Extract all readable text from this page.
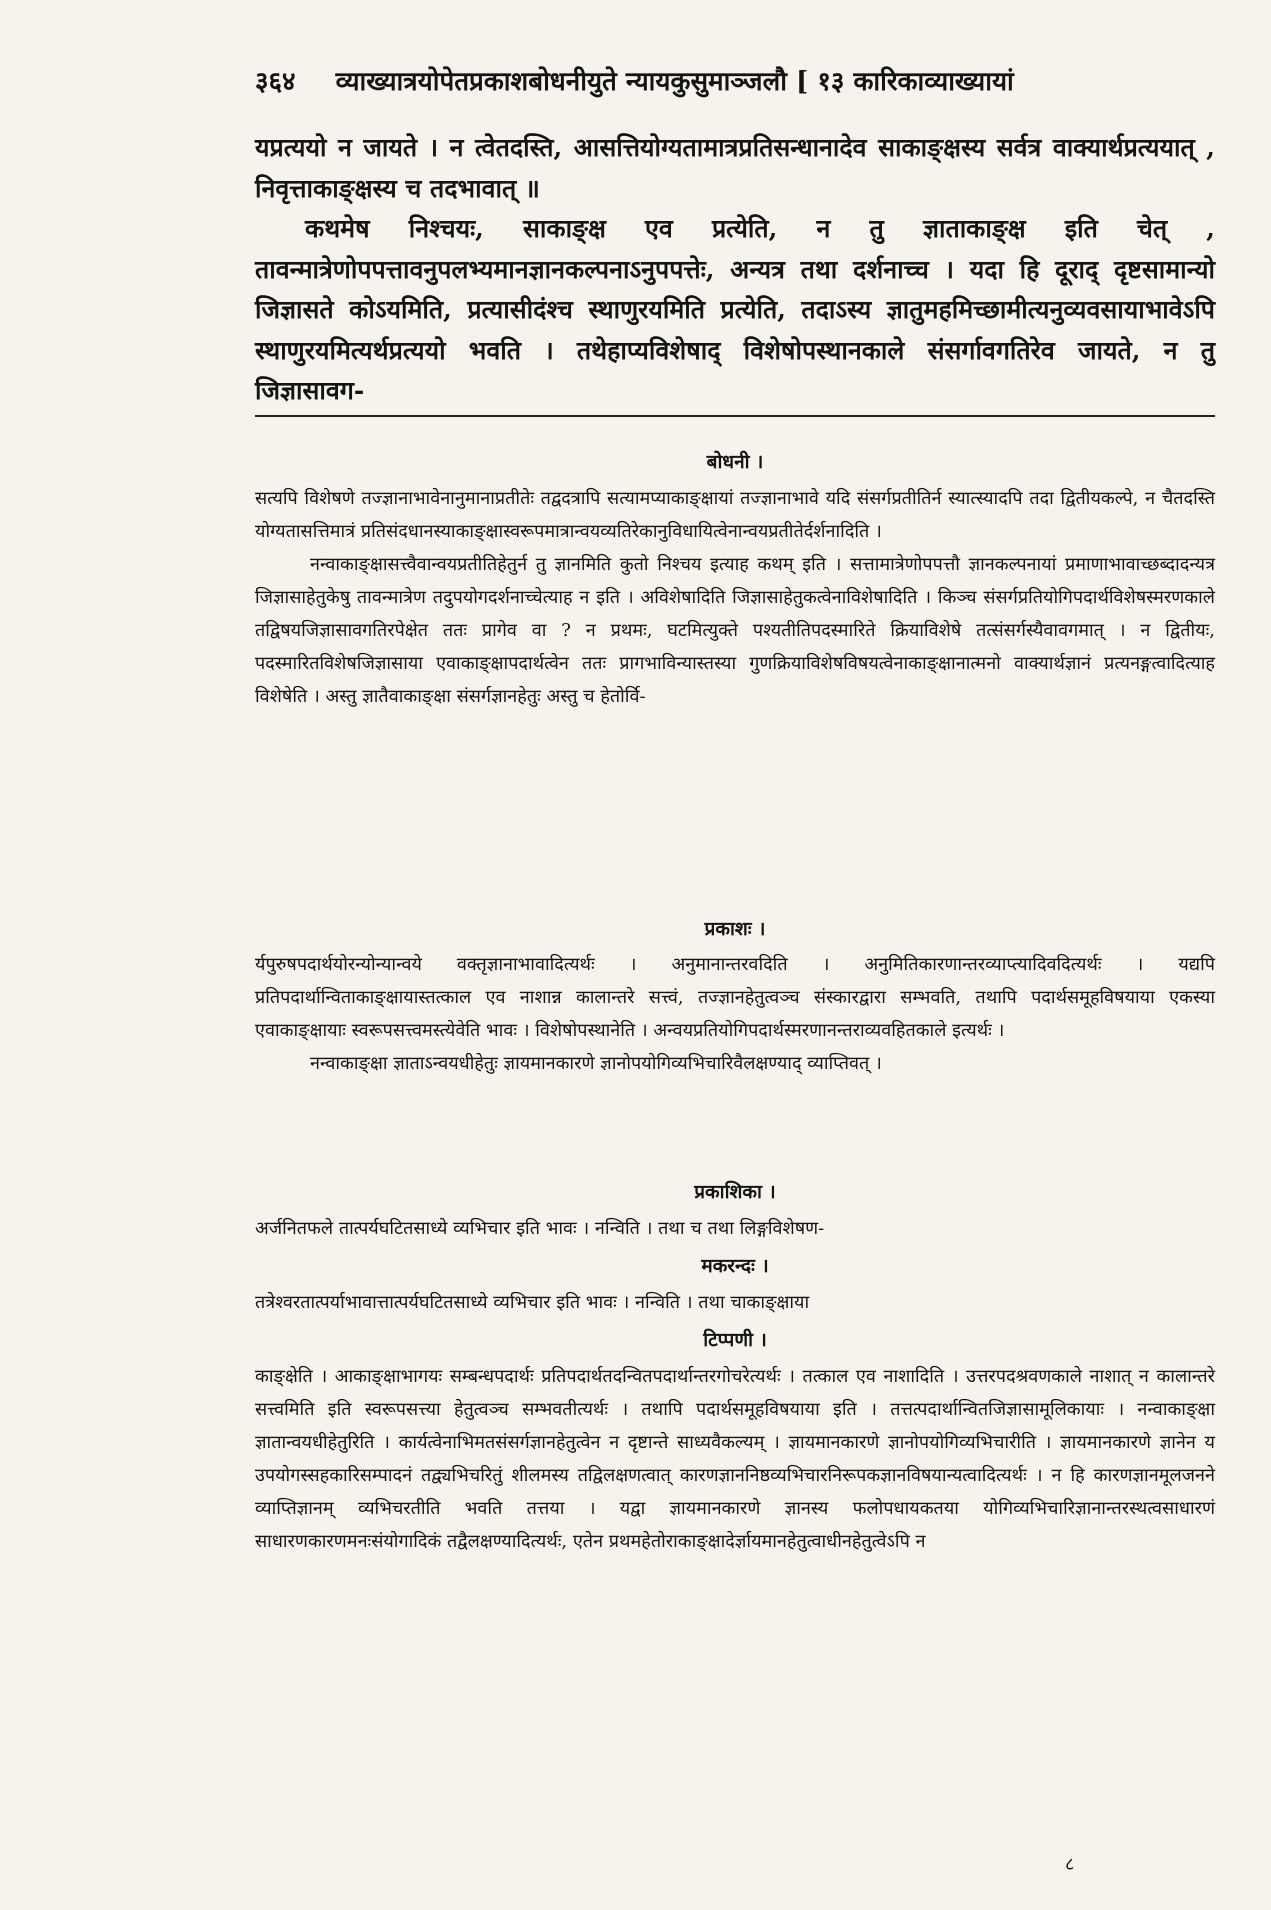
३६४ व्याख्यात्रयोपेतप्रकाशबोधनीयुते न्यायकुसुमाञ्जलौ [ १३ कारिकाव्याख्यायां

यप्रत्ययो न जायते । न त्वेतदस्ति, आसत्तियोग्यतामात्रप्रतिसन्धानादेव साकाङ्क्षस्य सर्वत्र वाक्यार्थप्रत्ययात् , निवृत्ताकाङ्क्षस्य च तदभावात् ॥

कथमेष निश्चयः, साकाङ्क्ष एव प्रत्येति, न तु ज्ञाताकाङ्क्ष इति चेत् , तावन्मात्रेणोपपत्तावनुपलभ्यमानज्ञानकल्पनाऽनुपपत्तेः, अन्यत्र तथा दर्शनाच्च । यदा हि दूराद् दृष्टसामान्यो जिज्ञासते कोऽयमिति, प्रत्यासीदंश्च स्थाणुरयमिति प्रत्येति, तदाऽस्य ज्ञातुमहमिच्छामीत्यनुव्यवसायाभावेऽपि स्थाणुरयमित्यर्थप्रत्ययो भवति । तथेहाप्यविशेषाद् विशेषोपस्थानकाले संसर्गावगतिरेव जायते, न तु जिज्ञासावग-

बोधनी ।

सत्यपि विशेषणे तज्ज्ञानाभावेनानुमानाप्रतीतेः तद्वदत्रापि सत्यामप्याकाङ्क्षायां तज्ज्ञानाभावे यदि संसर्गप्रतीतिर्न स्यात्स्यादपि तदा द्वितीयकल्पे, न चैतदस्ति योग्यतासत्तिमात्रं प्रतिसंदधानस्याकाङ्क्षास्वरूपमात्रान्वयव्यतिरेकानुविधायित्वेनान्वयप्रतीतेर्दर्शनादिति ।

नन्वाकाङ्क्षासत्त्वैवान्वयप्रतीतिहेतुर्न तु ज्ञानमिति कुतो निश्चय इत्याह कथम् इति । सत्तामात्रेणोपपत्तौ ज्ञानकल्पनायां प्रमाणाभावाच्छब्दादन्यत्र जिज्ञासाहेतुकेषु तावन्मात्रेण तदुपयोगदर्शनाच्चेत्याह न इति । अविशेषादिति जिज्ञासाहेतुकत्वेनाविशेषादिति । किञ्च संसर्गप्रतियोगिपदार्थविशेषस्मरणकाले तद्विषयजिज्ञासावगतिरपेक्षेत ततः प्रागेव वा ? न प्रथमः, घटमित्युक्ते पश्यतीतिपदस्मारिते क्रियाविशेषे तत्संसर्गस्यैवावगमात् । न द्वितीयः, पदस्मारितविशेषजिज्ञासाया एवाकाङ्क्षापदार्थत्वेन ततः प्रागभाविन्यास्तस्या गुणक्रियाविशेषविषयत्वेनाकाङ्क्षानात्मनो वाक्यार्थज्ञानं प्रत्यनङ्गत्वादित्याह विशेषेति । अस्तु ज्ञातैवाकाङ्क्षा संसर्गज्ञानहेतुः अस्तु च हेतोर्वि-

प्रकाशः ।

र्यपुरुषपदार्थयोरन्योन्यान्वये वक्तृज्ञानाभावादित्यर्थः । अनुमानान्तरवदिति । अनुमितिकारणान्तरव्याप्त्यादिवदित्यर्थः । यद्यपि प्रतिपदार्थान्विताकाङ्क्षायास्तत्काल एव नाशान्न कालान्तरे सत्त्वं, तज्ज्ञानहेतुत्वञ्च संस्कारद्वारा सम्भवति, तथापि पदार्थसमूहविषयाया एकस्या एवाकाङ्क्षायाः स्वरूपसत्त्वमस्त्येवेति भावः । विशेषोपस्थानेति । अन्वयप्रतियोगिपदार्थस्मरणानन्तराव्यवहितकाले इत्यर्थः ।

नन्वाकाङ्क्षा ज्ञाताऽन्वयधीहेतुः ज्ञायमानकारणे ज्ञानोपयोगिव्यभिचारिवैलक्षण्याद् व्याप्तिवत् ।

प्रकाशिका ।

अर्जनितफले तात्पर्यघटितसाध्ये व्यभिचार इति भावः । नन्विति । तथा च तथा लिङ्गविशेषण-

मकरन्दः ।

तत्रेश्वरतात्पर्याभावात्तात्पर्यघटितसाध्ये व्यभिचार इति भावः । नन्विति । तथा चाकाङ्क्षाया

टिप्पणी ।

काङ्क्षेति । आकाङ्क्षाभागयः सम्बन्धपदार्थः प्रतिपदार्थतदन्वितपदार्थान्तरगोचरेत्यर्थः । तत्काल एव नाशादिति । उत्तरपदश्रवणकाले नाशात् न कालान्तरे सत्त्वमिति इति स्वरूपसत्त्या हेतुत्वञ्च सम्भवतीत्यर्थः । तथापि पदार्थसमूहविषयाया इति । तत्तत्पदार्थान्वितजिज्ञासामूलिकायाः । नन्वाकाङ्क्षा ज्ञातान्वयधीहेतुरिति । कार्यत्वेनाभिमतसंसर्गज्ञानहेतुत्वेन न दृष्टान्ते साध्यवैकल्यम् । ज्ञायमानकारणे ज्ञानोपयोगिव्यभिचारीति । ज्ञायमानकारणे ज्ञानेन य उपयोगस्सहकारिसम्पादनं तद्व्यभिचरितुं शीलमस्य तद्विलक्षणत्वात् कारणज्ञाननिष्ठव्यभिचारनिरूपकज्ञानविषयान्यत्वादित्यर्थः । न हि कारणज्ञानमूलजनने व्याप्तिज्ञानम् व्यभिचरतीति भवति तत्तया । यद्वा ज्ञायमानकारणे ज्ञानस्य फलोपधायकतया योगिव्यभिचारिज्ञानान्तरस्थत्वसाधारणं साधारणकारणमनःसंयोगादिकं तद्वैलक्षण्यादित्यर्थः, एतेन प्रथमहेतोराकाङ्क्षादेर्ज्ञायमानहेतुत्वाधीनहेतुत्वेऽपि न

८
